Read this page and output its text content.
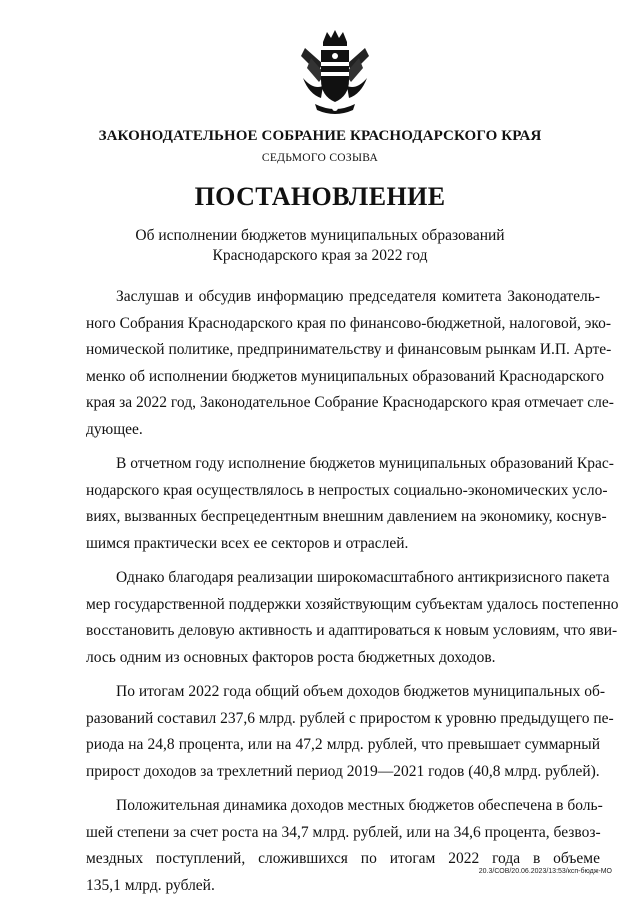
ЗАКОНОДАТЕЛЬНОЕ СОБРАНИЕ КРАСНОДАРСКОГО КРАЯ
СЕДЬМОГО СОЗЫВА
ПОСТАНОВЛЕНИЕ
Об исполнении бюджетов муниципальных образований
Краснодарского края за 2022 год
Заслушав и обсудив информацию председателя комитета Законодатель-
ного Собрания Краснодарского края по финансово-бюджетной, налоговой, эко-
номической политике, предпринимательству и финансовым рынкам И.П. Арте-
менко об исполнении бюджетов муниципальных образований Краснодарского
края за 2022 год, Законодательное Собрание Краснодарского края отмечает сле-
дующее.
В отчетном году исполнение бюджетов муниципальных образований Крас-
нодарского края осуществлялось в непростых социально-экономических усло-
виях, вызванных беспрецедентным внешним давлением на экономику, коснув-
шимся практически всех ее секторов и отраслей.
Однако благодаря реализации широкомасштабного антикризисного пакета
мер государственной поддержки хозяйствующим субъектам удалось постепенно
восстановить деловую активность и адаптироваться к новым условиям, что яви-
лось одним из основных факторов роста бюджетных доходов.
По итогам 2022 года общий объем доходов бюджетов муниципальных об-
разований составил 237,6 млрд. рублей с приростом к уровню предыдущего пе-
риода на 24,8 процента, или на 47,2 млрд. рублей, что превышает суммарный
прирост доходов за трехлетний период 2019—2021 годов (40,8 млрд. рублей).
Положительная динамика доходов местных бюджетов обеспечена в боль-
шей степени за счет роста на 34,7 млрд. рублей, или на 34,6 процента, безвоз-
мездных поступлений, сложившихся по итогам 2022 года в объеме
135,1 млрд. рублей.
20.3/СОВ/20.06.2023/13:53/ксп-бюдж-МО
